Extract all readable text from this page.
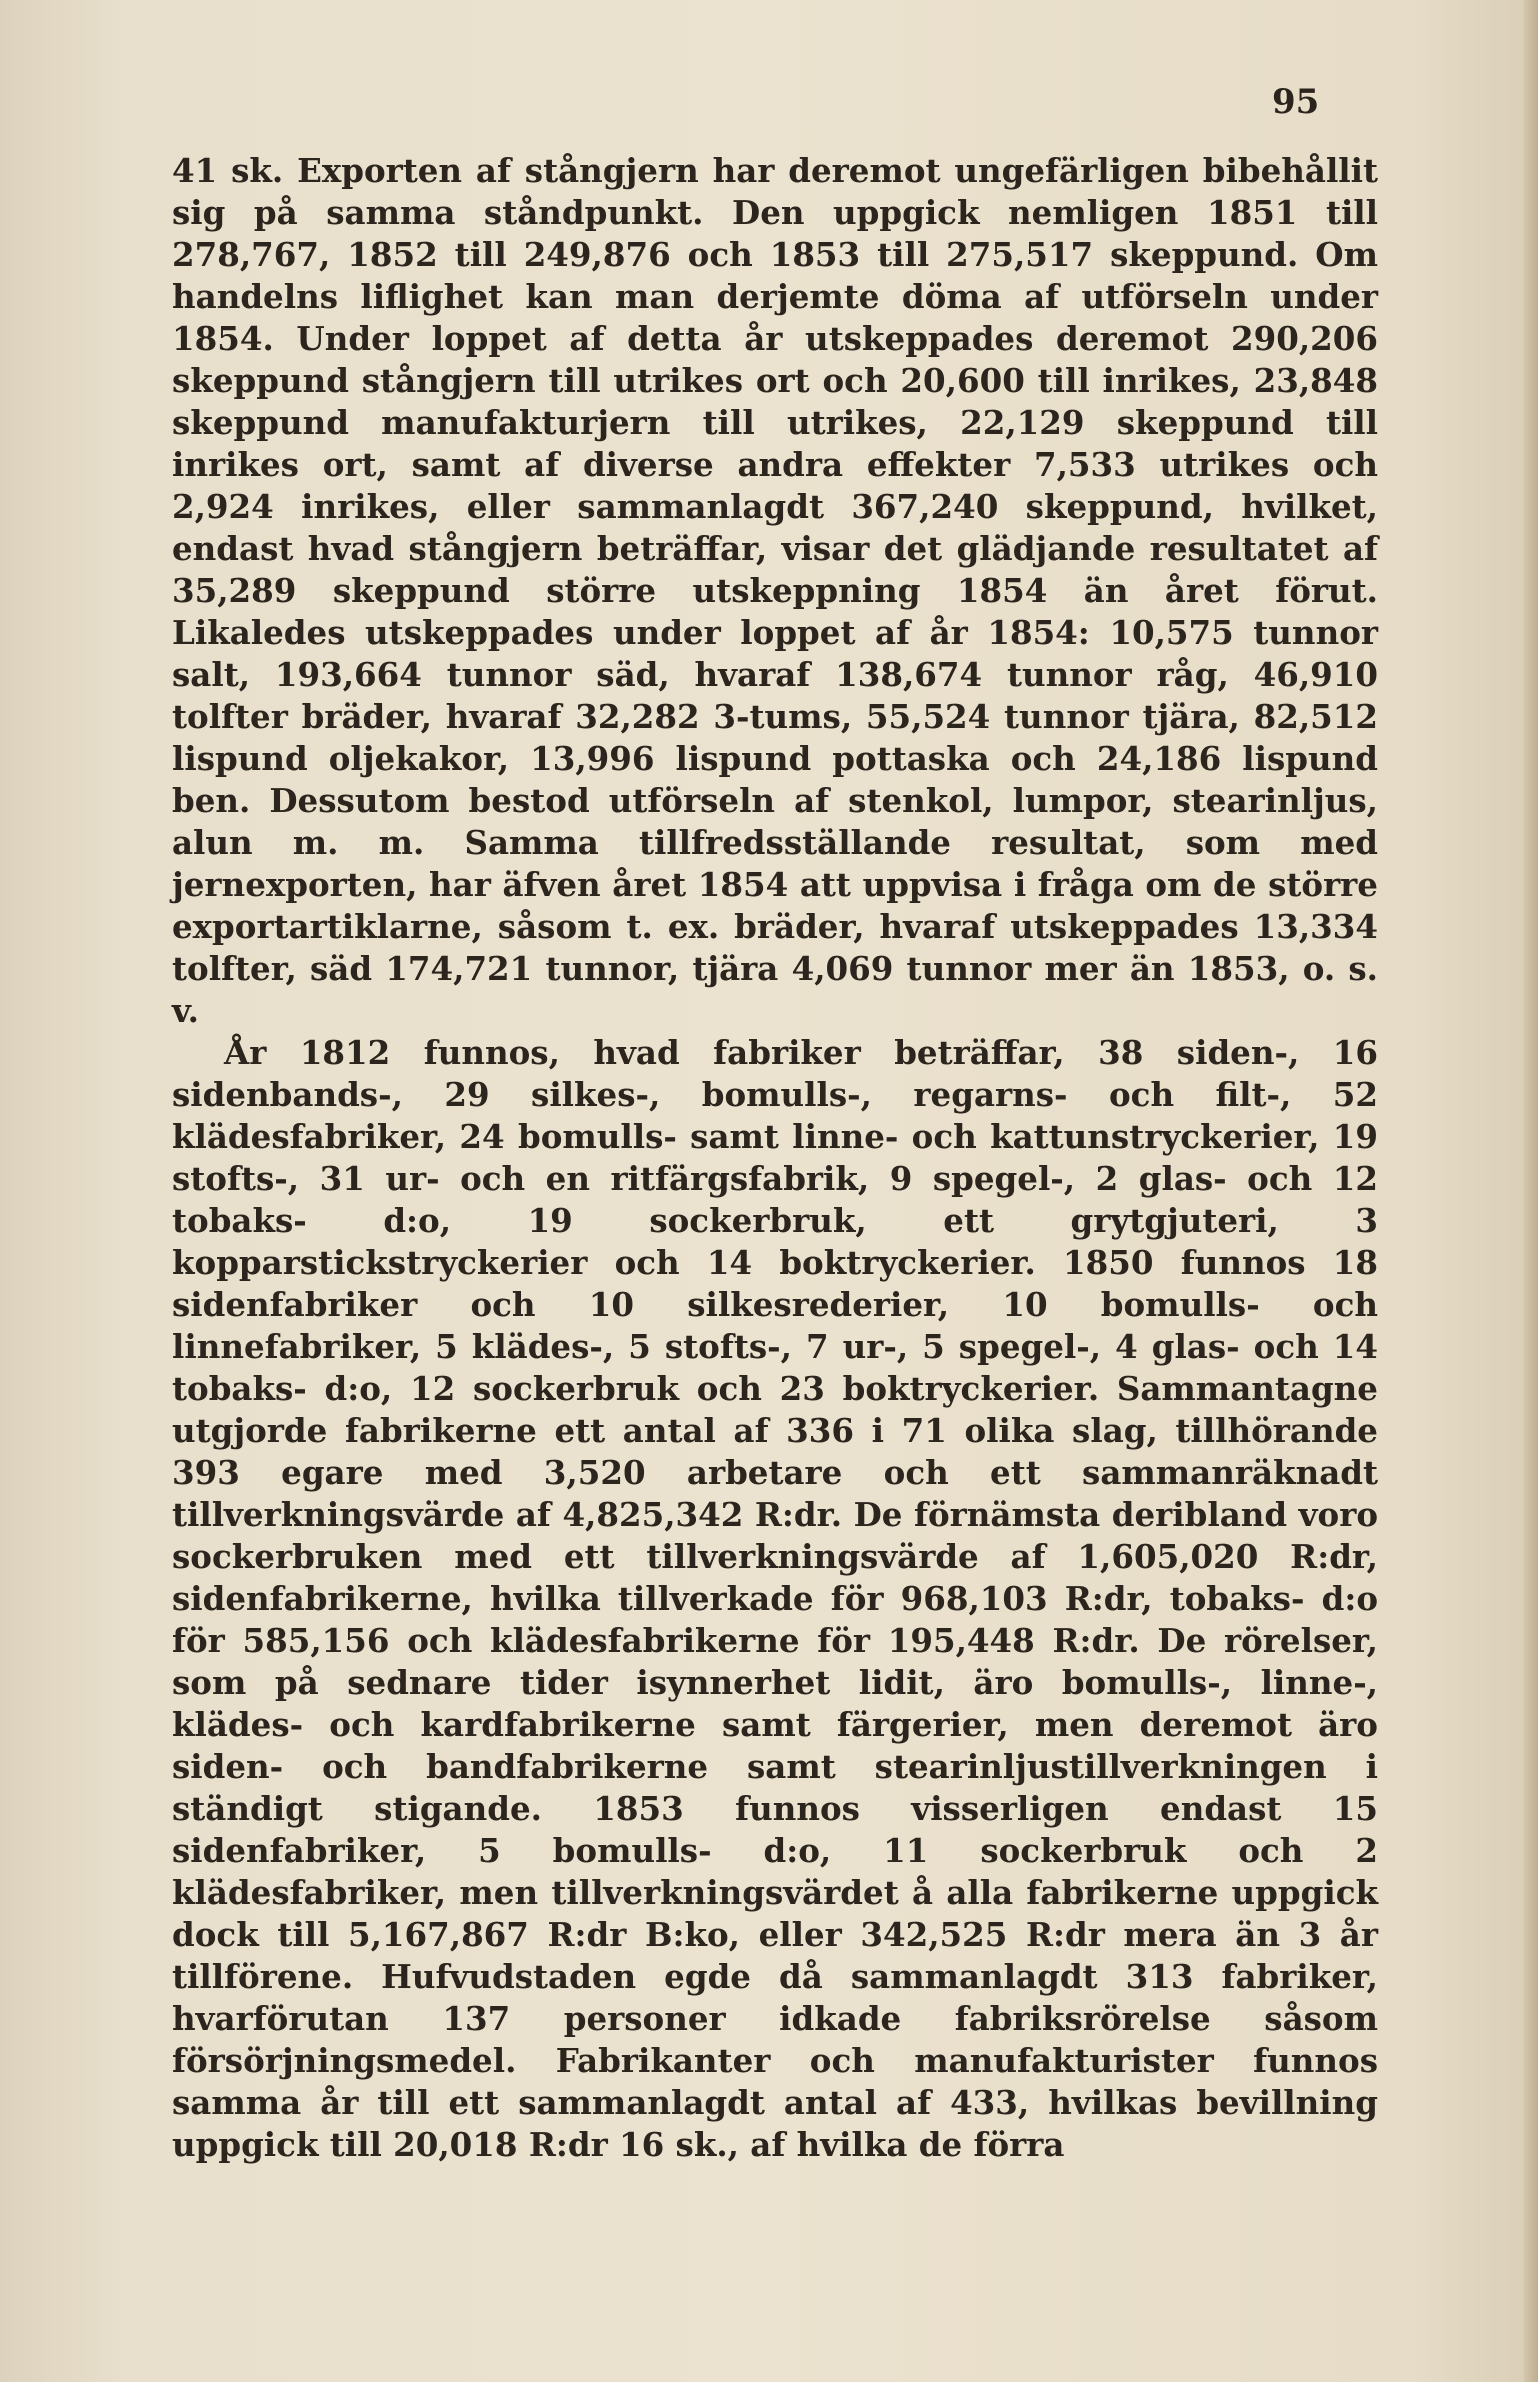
95

41 sk. Exporten af stångjern har deremot ungefärligen bibehållit sig på samma ståndpunkt. Den uppgick nemligen 1851 till 278,767, 1852 till 249,876 och 1853 till 275,517 skeppund. Om handelns liflighet kan man derjemte döma af utförseln under 1854. Under loppet af detta år utskeppades deremot 290,206 skeppund stångjern till utrikes ort och 20,600 till inrikes, 23,848 skeppund manufakturjern till utrikes, 22,129 skeppund till inrikes ort, samt af diverse andra effekter 7,533 utrikes och 2,924 inrikes, eller sammanlagdt 367,240 skeppund, hvilket, endast hvad stångjern beträffar, visar det glädjande resultatet af 35,289 skeppund större utskeppning 1854 än året förut. Likaledes utskeppades under loppet af år 1854: 10,575 tunnor salt, 193,664 tunnor säd, hvaraf 138,674 tunnor råg, 46,910 tolfter bräder, hvaraf 32,282 3-tums, 55,524 tunnor tjära, 82,512 lispund oljekakor, 13,996 lispund pottaska och 24,186 lispund ben. Dessutom bestod utförseln af stenkol, lumpor, stearinljus, alun m. m. Samma tillfredsställande resultat, som med jernexporten, har äfven året 1854 att uppvisa i fråga om de större exportartiklarne, såsom t. ex. bräder, hvaraf utskeppades 13,334 tolfter, säd 174,721 tunnor, tjära 4,069 tunnor mer än 1853, o. s. v.

År 1812 funnos, hvad fabriker beträffar, 38 siden-, 16 sidenbands-, 29 silkes-, bomulls-, regarns- och filt-, 52 klädesfabriker, 24 bomulls- samt linne- och kattunstryckerier, 19 stofts-, 31 ur- och en ritfärgsfabrik, 9 spegel-, 2 glas- och 12 tobaks- d:o, 19 sockerbruk, ett grytgjuteri, 3 kopparstickstryckerier och 14 boktryckerier. 1850 funnos 18 sidenfabriker och 10 silkesrederier, 10 bomulls- och linnefabriker, 5 klädes-, 5 stofts-, 7 ur-, 5 spegel-, 4 glas- och 14 tobaks- d:o, 12 sockerbruk och 23 boktryckerier. Sammantagne utgjorde fabrikerne ett antal af 336 i 71 olika slag, tillhörande 393 egare med 3,520 arbetare och ett sammanräknadt tillverkningsvärde af 4,825,342 R:dr. De förnämsta deribland voro sockerbruken med ett tillverkningsvärde af 1,605,020 R:dr, sidenfabrikerne, hvilka tillverkade för 968,103 R:dr, tobaks- d:o för 585,156 och klädesfabrikerne för 195,448 R:dr. De rörelser, som på sednare tider isynnerhet lidit, äro bomulls-, linne-, klädes- och kardfabrikerne samt färgerier, men deremot äro siden- och bandfabrikerne samt stearinljustillverkningen i ständigt stigande. 1853 funnos visserligen endast 15 sidenfabriker, 5 bomulls- d:o, 11 sockerbruk och 2 klädesfabriker, men tillverkningsvärdet å alla fabrikerne uppgick dock till 5,167,867 R:dr B:ko, eller 342,525 R:dr mera än 3 år tillförene. Hufvudstaden egde då sammanlagdt 313 fabriker, hvarförutan 137 personer idkade fabriksrörelse såsom försörjningsmedel. Fabrikanter och manufakturister funnos samma år till ett sammanlagdt antal af 433, hvilkas bevillning uppgick till 20,018 R:dr 16 sk., af hvilka de förra
